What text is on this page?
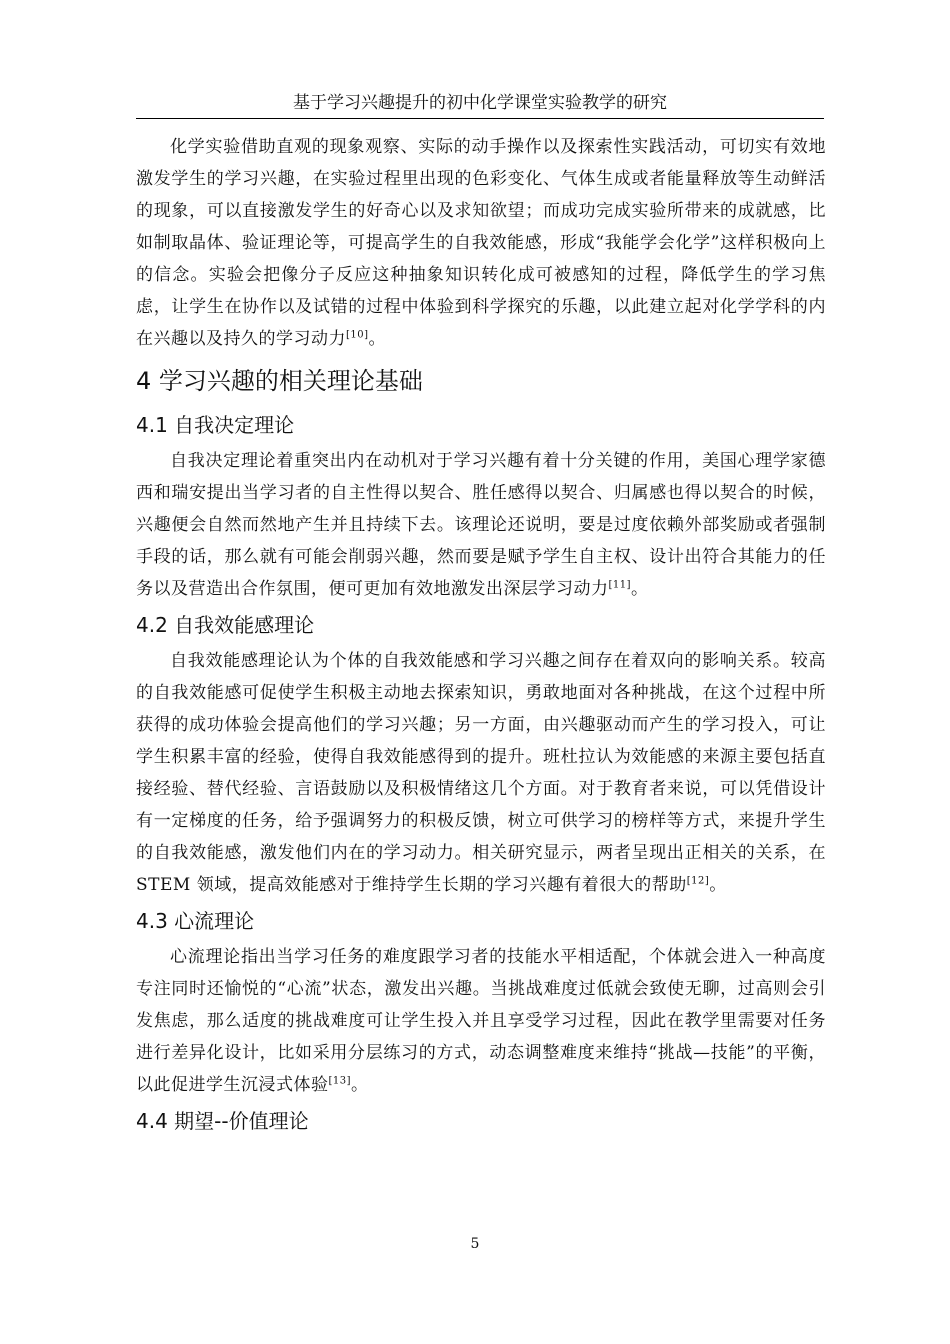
基于学习兴趣提升的初中化学课堂实验教学的研究

化学实验借助直观的现象观察、实际的动手操作以及探索性实践活动，可切实有效地激发学生的学习兴趣，在实验过程里出现的色彩变化、气体生成或者能量释放等生动鲜活的现象，可以直接激发学生的好奇心以及求知欲望；而成功完成实验所带来的成就感，比如制取晶体、验证理论等，可提高学生的自我效能感，形成“我能学会化学”这样积极向上的信念。实验会把像分子反应这种抽象知识转化成可被感知的过程，降低学生的学习焦虑，让学生在协作以及试错的过程中体验到科学探究的乐趣，以此建立起对化学学科的内在兴趣以及持久的学习动力[10]。

4 学习兴趣的相关理论基础
4.1 自我决定理论

自我决定理论着重突出内在动机对于学习兴趣有着十分关键的作用，美国心理学家德西和瑞安提出当学习者的自主性得以契合、胜任感得以契合、归属感也得以契合的时候，兴趣便会自然而然地产生并且持续下去。该理论还说明，要是过度依赖外部奖励或者强制手段的话，那么就有可能会削弱兴趣，然而要是赋予学生自主权、设计出符合其能力的任务以及营造出合作氛围，便可更加有效地激发出深层学习动力[11]。

4.2 自我效能感理论

自我效能感理论认为个体的自我效能感和学习兴趣之间存在着双向的影响关系。较高的自我效能感可促使学生积极主动地去探索知识，勇敢地面对各种挑战，在这个过程中所获得的成功体验会提高他们的学习兴趣；另一方面，由兴趣驱动而产生的学习投入，可让学生积累丰富的经验，使得自我效能感得到的提升。班杜拉认为效能感的来源主要包括直接经验、替代经验、言语鼓励以及积极情绪这几个方面。对于教育者来说，可以凭借设计有一定梯度的任务，给予强调努力的积极反馈，树立可供学习的榜样等方式，来提升学生的自我效能感，激发他们内在的学习动力。相关研究显示，两者呈现出正相关的关系，在 STEM 领域，提高效能感对于维持学生长期的学习兴趣有着很大的帮助[12]。

4.3 心流理论

心流理论指出当学习任务的难度跟学习者的技能水平相适配，个体就会进入一种高度专注同时还愉悦的“心流”状态，激发出兴趣。当挑战难度过低就会致使无聊，过高则会引发焦虑，那么适度的挑战难度可让学生投入并且享受学习过程，因此在教学里需要对任务进行差异化设计，比如采用分层练习的方式，动态调整难度来维持“挑战—技能”的平衡，以此促进学生沉浸式体验[13]。

4.4 期望--价值理论
5
